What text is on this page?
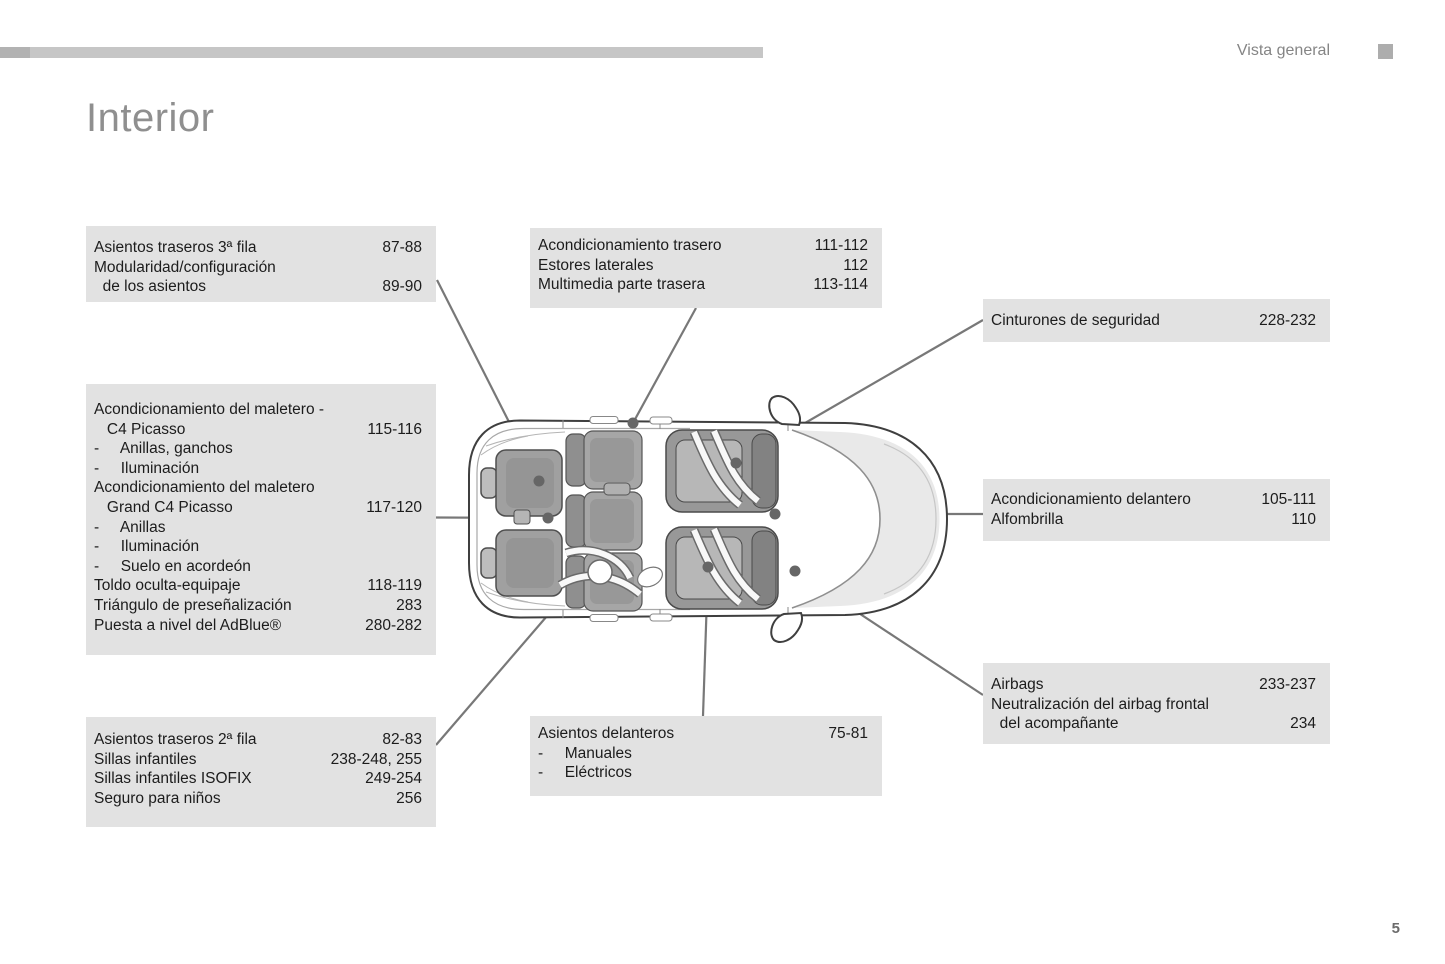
Vista general
Interior
5
Asientos traseros 3ª fila	87-88
Modularidad/configuración
de los asientos	89-90
Acondicionamiento trasero	111-112
Estores laterales	112
Multimedia parte trasera	113-114
Cinturones de seguridad	228-232
Acondicionamiento del maletero -
C4 Picasso	115-116
-     Anillas, ganchos
-     Iluminación
Acondicionamiento del maletero
Grand C4 Picasso	117-120
-     Anillas
-     Iluminación
-     Suelo en acordeón
Toldo oculta-equipaje	118-119
Triángulo de preseñalización	283
Puesta a nivel del AdBlue®	280-282
Acondicionamiento delantero	105-111
Alfombrilla	110
Airbags	233-237
Neutralización del airbag frontal
del acompañante	234
Asientos traseros 2ª fila	82-83
Sillas infantiles	238-248, 255
Sillas infantiles ISOFIX	249-254
Seguro para niños	256
Asientos delanteros	75-81
-     Manuales
-     Eléctricos
